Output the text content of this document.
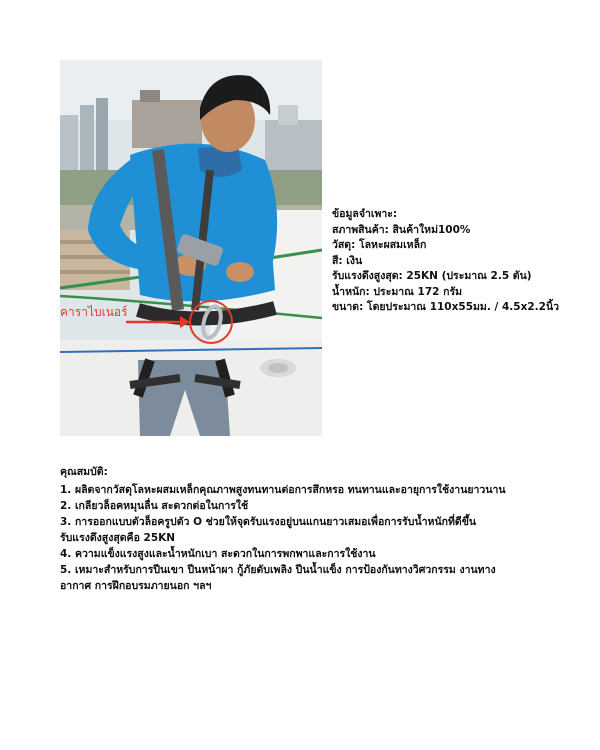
คาราไบเนอร์
ข้อมูลจำเพาะ:
สภาพสินค้า: สินค้าใหม่100%
วัสดุ: โลหะผสมเหล็ก
สี: เงิน
รับแรงดึงสูงสุด: 25KN (ประมาณ 2.5 ตัน)
น้ำหนัก: ประมาณ 172 กรัม
ขนาด: โดยประมาณ 110x55มม. / 4.5x2.2นิ้ว
คุณสมบัติ:
1. ผลิตจากวัสดุโลหะผสมเหล็กคุณภาพสูงทนทานต่อการสึกหรอ ทนทานและอายุการใช้งานยาวนาน
2. เกลียวล็อคหมุนลื่น สะดวกต่อในการใช้
3. การออกแบบตัวล็อครูปตัว O ช่วยให้จุดรับแรงอยู่บนแกนยาวเสมอเพื่อการรับน้ำหนักที่ดีขึ้น
รับแรงดึงสูงสุดคือ 25KN
4. ความแข็งแรงสูงและน้ำหนักเบา สะดวกในการพกพาและการใช้งาน
5. เหมาะสำหรับการปีนเขา ปีนหน้าผา กู้ภัยดับเพลิง ปีนน้ำแข็ง การป้องกันทางวิศวกรรม งานทาง
อากาศ การฝึกอบรมภายนอก ฯลฯ
